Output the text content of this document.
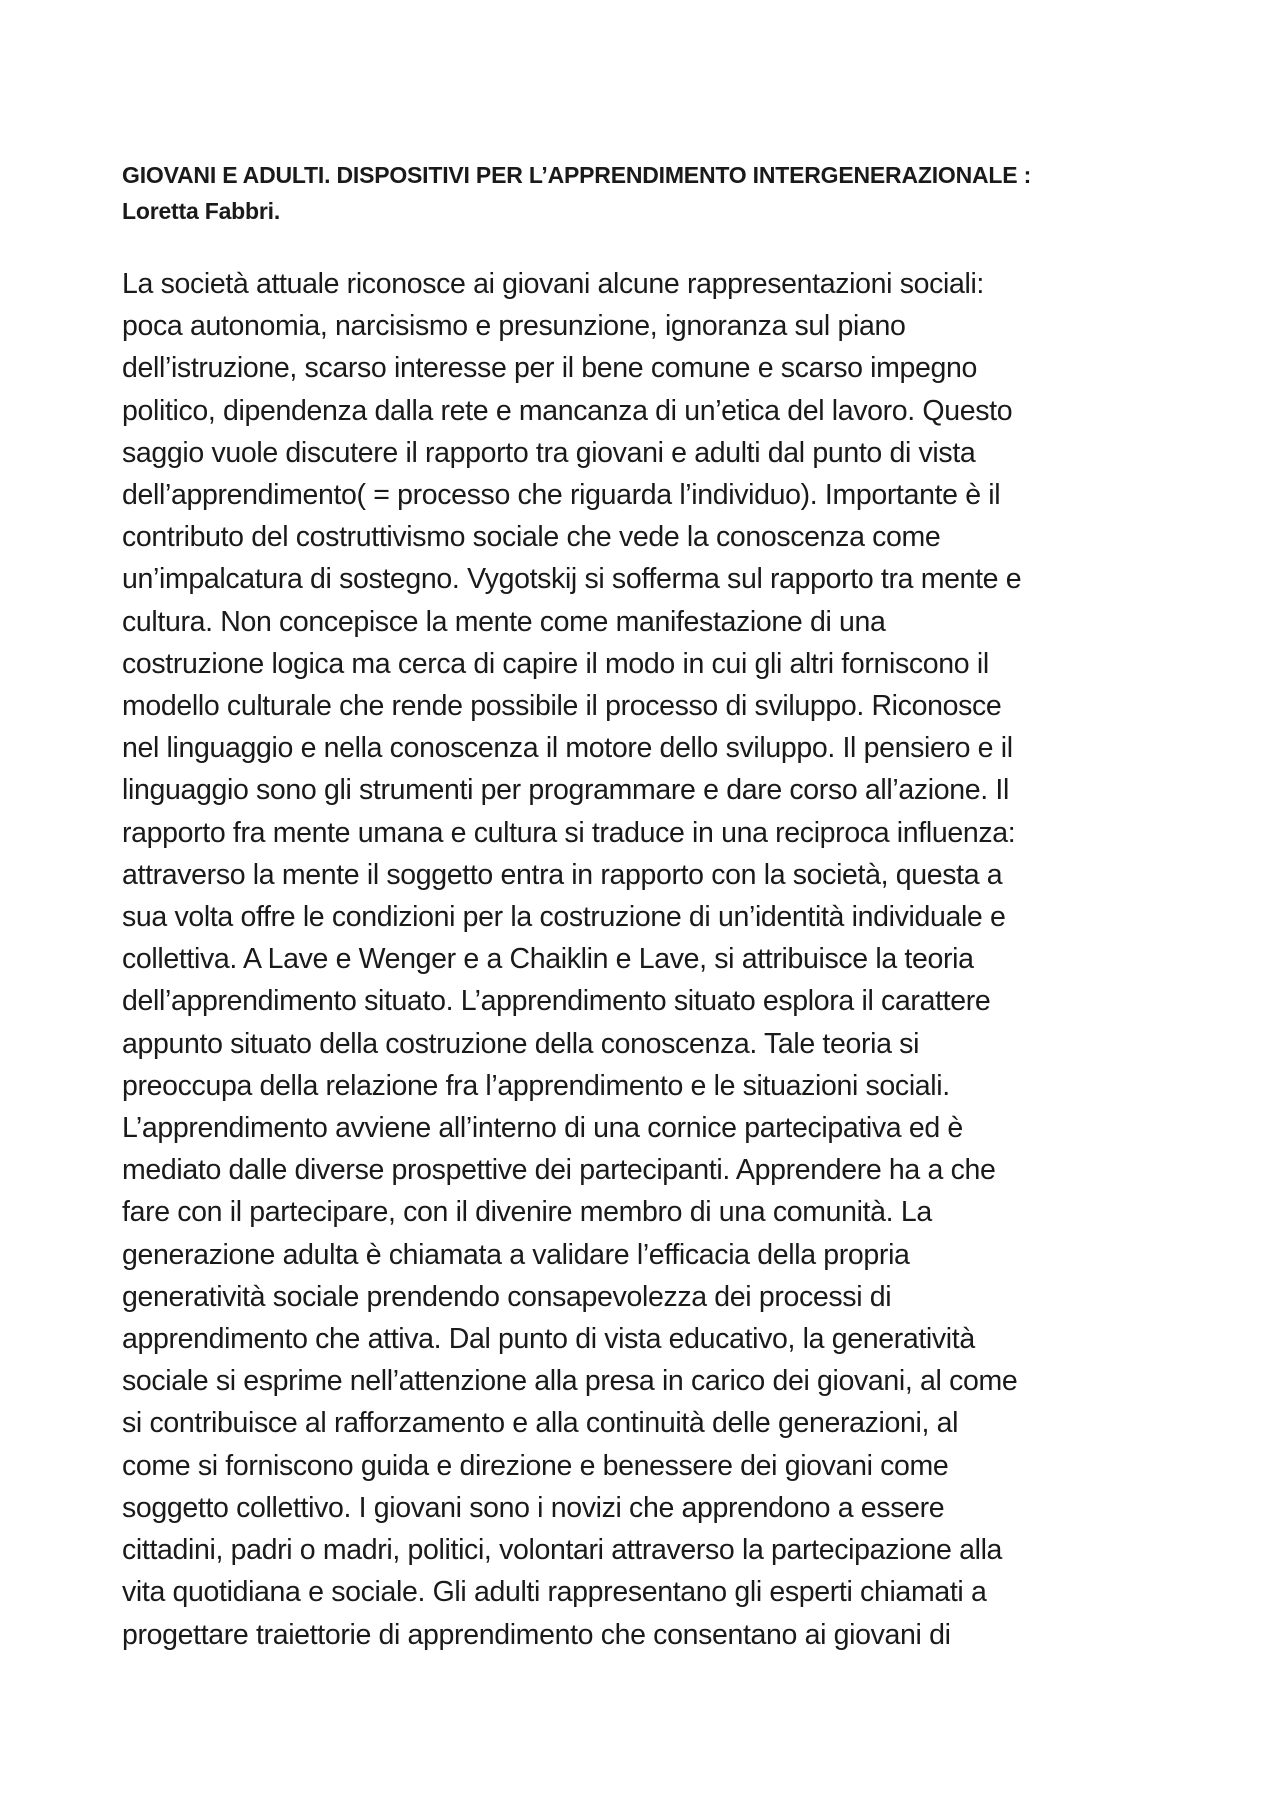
GIOVANI E ADULTI. DISPOSITIVI PER L’APPRENDIMENTO INTERGENERAZIONALE :
Loretta Fabbri.
La società attuale riconosce ai giovani alcune rappresentazioni sociali:
poca autonomia, narcisismo e presunzione, ignoranza sul piano
dell’istruzione, scarso interesse per il bene comune e scarso impegno
politico, dipendenza dalla rete e mancanza di un’etica del lavoro. Questo
saggio vuole discutere il rapporto tra giovani e adulti dal punto di vista
dell’apprendimento( = processo che riguarda l’individuo). Importante è il
contributo del costruttivismo sociale che vede la conoscenza come
un’impalcatura di sostegno. Vygotskij si sofferma sul rapporto tra mente e
cultura. Non concepisce la mente come manifestazione di una
costruzione logica ma cerca di capire il modo in cui gli altri forniscono il
modello culturale che rende possibile il processo di sviluppo. Riconosce
nel linguaggio e nella conoscenza il motore dello sviluppo. Il pensiero e il
linguaggio sono gli strumenti per programmare e dare corso all’azione. Il
rapporto fra mente umana e cultura si traduce in una reciproca influenza:
attraverso la mente il soggetto entra in rapporto con la società, questa a
sua volta offre le condizioni per la costruzione di un’identità individuale e
collettiva. A Lave e Wenger e a Chaiklin e Lave, si attribuisce la teoria
dell’apprendimento situato. L’apprendimento situato esplora il carattere
appunto situato della costruzione della conoscenza. Tale teoria si
preoccupa della relazione fra l’apprendimento e le situazioni sociali.
L’apprendimento avviene all’interno di una cornice partecipativa ed è
mediato dalle diverse prospettive dei partecipanti. Apprendere ha a che
fare con il partecipare, con il divenire membro di una comunità. La
generazione adulta è chiamata a validare l’efficacia della propria
generatività sociale prendendo consapevolezza dei processi di
apprendimento che attiva. Dal punto di vista educativo, la generatività
sociale si esprime nell’attenzione alla presa in carico dei giovani, al come
si contribuisce al rafforzamento e alla continuità delle generazioni, al
come si forniscono guida e direzione e benessere dei giovani come
soggetto collettivo. I giovani sono i novizi che apprendono a essere
cittadini, padri o madri, politici, volontari attraverso la partecipazione alla
vita quotidiana e sociale. Gli adulti rappresentano gli esperti chiamati a
progettare traiettorie di apprendimento che consentano ai giovani di
